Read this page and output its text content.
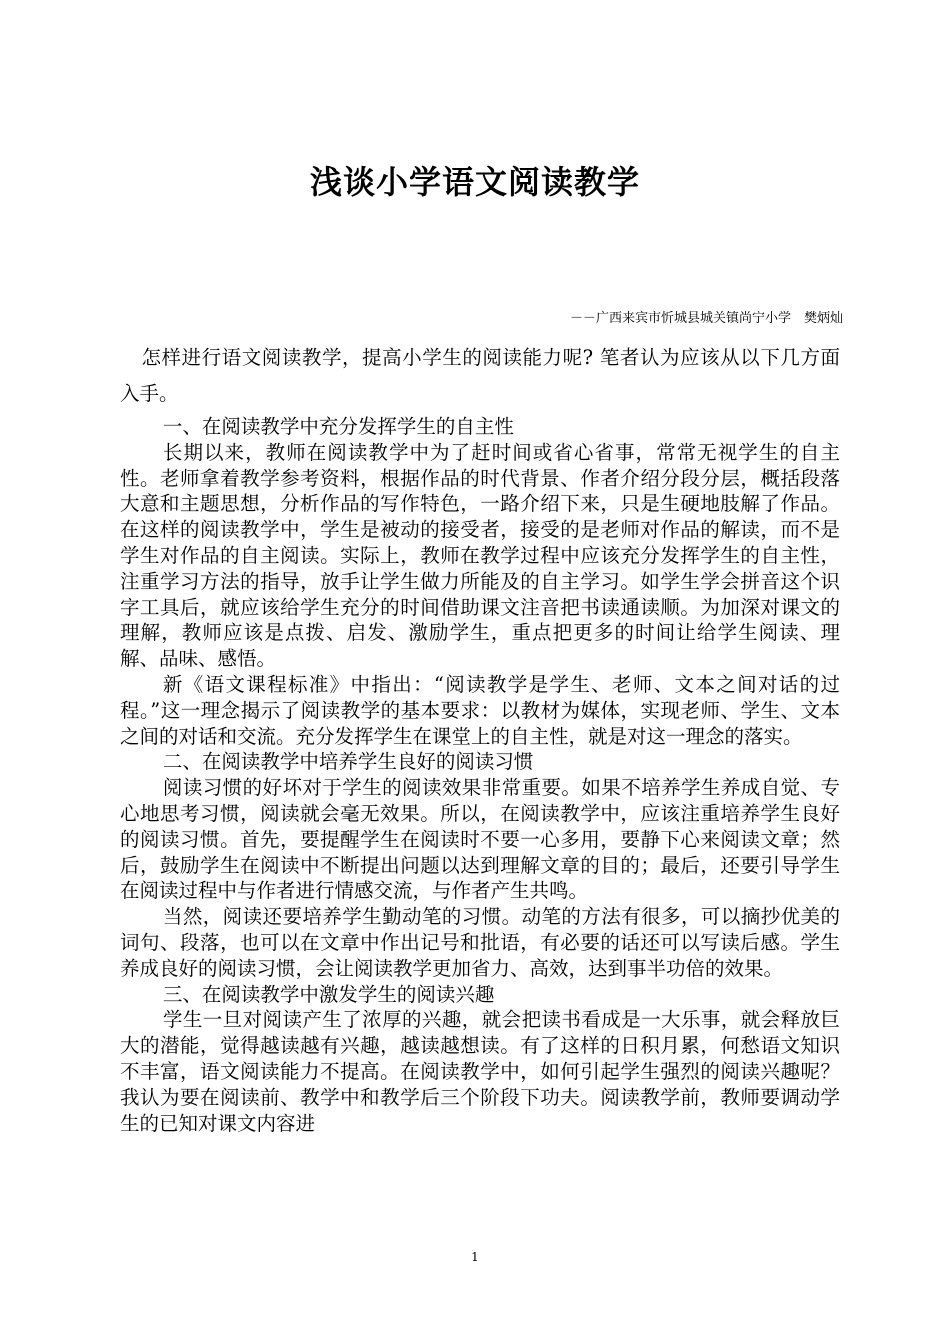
浅谈小学语文阅读教学
－－广西来宾市忻城县城关镇尚宁小学　樊炳灿

怎样进行语文阅读教学，提高小学生的阅读能力呢? 笔者认为应该从以下几方面入手。

一、在阅读教学中充分发挥学生的自主性

长期以来，教师在阅读教学中为了赶时间或省心省事，常常无视学生的自主性。老师拿着教学参考资料，根据作品的时代背景、作者介绍分段分层，概括段落大意和主题思想，分析作品的写作特色，一路介绍下来，只是生硬地肢解了作品。在这样的阅读教学中，学生是被动的接受者，接受的是老师对作品的解读，而不是学生对作品的自主阅读。实际上，教师在教学过程中应该充分发挥学生的自主性，注重学习方法的指导，放手让学生做力所能及的自主学习。如学生学会拼音这个识字工具后，就应该给学生充分的时间借助课文注音把书读通读顺。为加深对课文的理解，教师应该是点拨、启发、激励学生，重点把更多的时间让给学生阅读、理解、品味、感悟。

新《语文课程标准》中指出：“阅读教学是学生、老师、文本之间对话的过程。”这一理念揭示了阅读教学的基本要求：以教材为媒体，实现老师、学生、文本之间的对话和交流。充分发挥学生在课堂上的自主性，就是对这一理念的落实。

二、在阅读教学中培养学生良好的阅读习惯

阅读习惯的好坏对于学生的阅读效果非常重要。如果不培养学生养成自觉、专心地思考习惯，阅读就会毫无效果。所以，在阅读教学中，应该注重培养学生良好的阅读习惯。首先，要提醒学生在阅读时不要一心多用，要静下心来阅读文章；然后，鼓励学生在阅读中不断提出问题以达到理解文章的目的；最后，还要引导学生在阅读过程中与作者进行情感交流，与作者产生共鸣。

当然，阅读还要培养学生勤动笔的习惯。动笔的方法有很多，可以摘抄优美的词句、段落，也可以在文章中作出记号和批语，有必要的话还可以写读后感。学生养成良好的阅读习惯，会让阅读教学更加省力、高效，达到事半功倍的效果。

三、在阅读教学中激发学生的阅读兴趣

学生一旦对阅读产生了浓厚的兴趣，就会把读书看成是一大乐事，就会释放巨大的潜能，觉得越读越有兴趣，越读越想读。有了这样的日积月累，何愁语文知识不丰富，语文阅读能力不提高。在阅读教学中，如何引起学生强烈的阅读兴趣呢？我认为要在阅读前、教学中和教学后三个阶段下功夫。阅读教学前，教师要调动学生的已知对课文内容进

1
